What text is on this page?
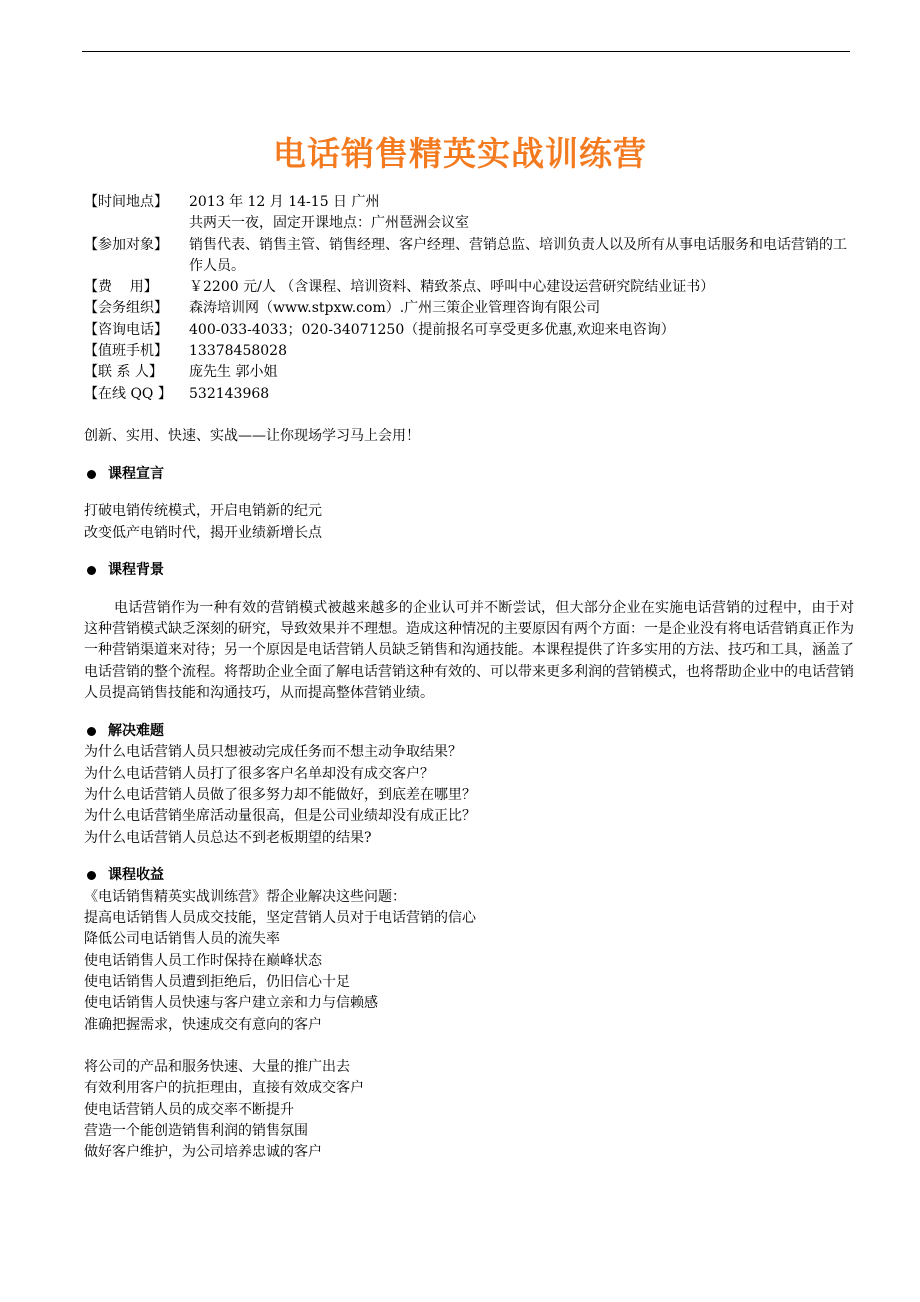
电话销售精英实战训练营
【时间地点】	2013 年 12 月 14-15 日 广州
共两天一夜，固定开课地点：广州琶洲会议室
【参加对象】	销售代表、销售主管、销售经理、客户经理、营销总监、培训负责人以及所有从事电话服务和电话营销的工作人员。
【费    用】	￥2200 元/人 （含课程、培训资料、精致茶点、呼叫中心建设运营研究院结业证书）
【会务组织】	森涛培训网（www.stpxw.com）.广州三策企业管理咨询有限公司
【咨询电话】	400-033-4033；020-34071250（提前报名可享受更多优惠,欢迎来电咨询）
【值班手机】	13378458028
【联 系 人】	庞先生 郭小姐
【在线 QQ 】	532143968

创新、实用、快速、实战——让你现场学习马上会用！

课程宣言

打破电销传统模式，开启电销新的纪元

改变低产电销时代，揭开业绩新增长点

课程背景

电话营销作为一种有效的营销模式被越来越多的企业认可并不断尝试，但大部分企业在实施电话营销的过程中，由于对这种营销模式缺乏深刻的研究，导致效果并不理想。造成这种情况的主要原因有两个方面：一是企业没有将电话营销真正作为一种营销渠道来对待；另一个原因是电话营销人员缺乏销售和沟通技能。本课程提供了许多实用的方法、技巧和工具，涵盖了电话营销的整个流程。将帮助企业全面了解电话营销这种有效的、可以带来更多利润的营销模式，也将帮助企业中的电话营销人员提高销售技能和沟通技巧，从而提高整体营销业绩。

解决难题

为什么电话营销人员只想被动完成任务而不想主动争取结果？

为什么电话营销人员打了很多客户名单却没有成交客户？

为什么电话营销人员做了很多努力却不能做好，到底差在哪里？

为什么电话营销坐席活动量很高，但是公司业绩却没有成正比？

为什么电话营销人员总达不到老板期望的结果?

课程收益

《电话销售精英实战训练营》帮企业解决这些问题：

提高电话销售人员成交技能，坚定营销人员对于电话营销的信心

降低公司电话销售人员的流失率

使电话销售人员工作时保持在巅峰状态

使电话销售人员遭到拒绝后，仍旧信心十足

使电话销售人员快速与客户建立亲和力与信赖感

准确把握需求，快速成交有意向的客户

将公司的产品和服务快速、大量的推广出去

有效利用客户的抗拒理由，直接有效成交客户

使电话营销人员的成交率不断提升

营造一个能创造销售利润的销售氛围

做好客户维护，为公司培养忠诚的客户
